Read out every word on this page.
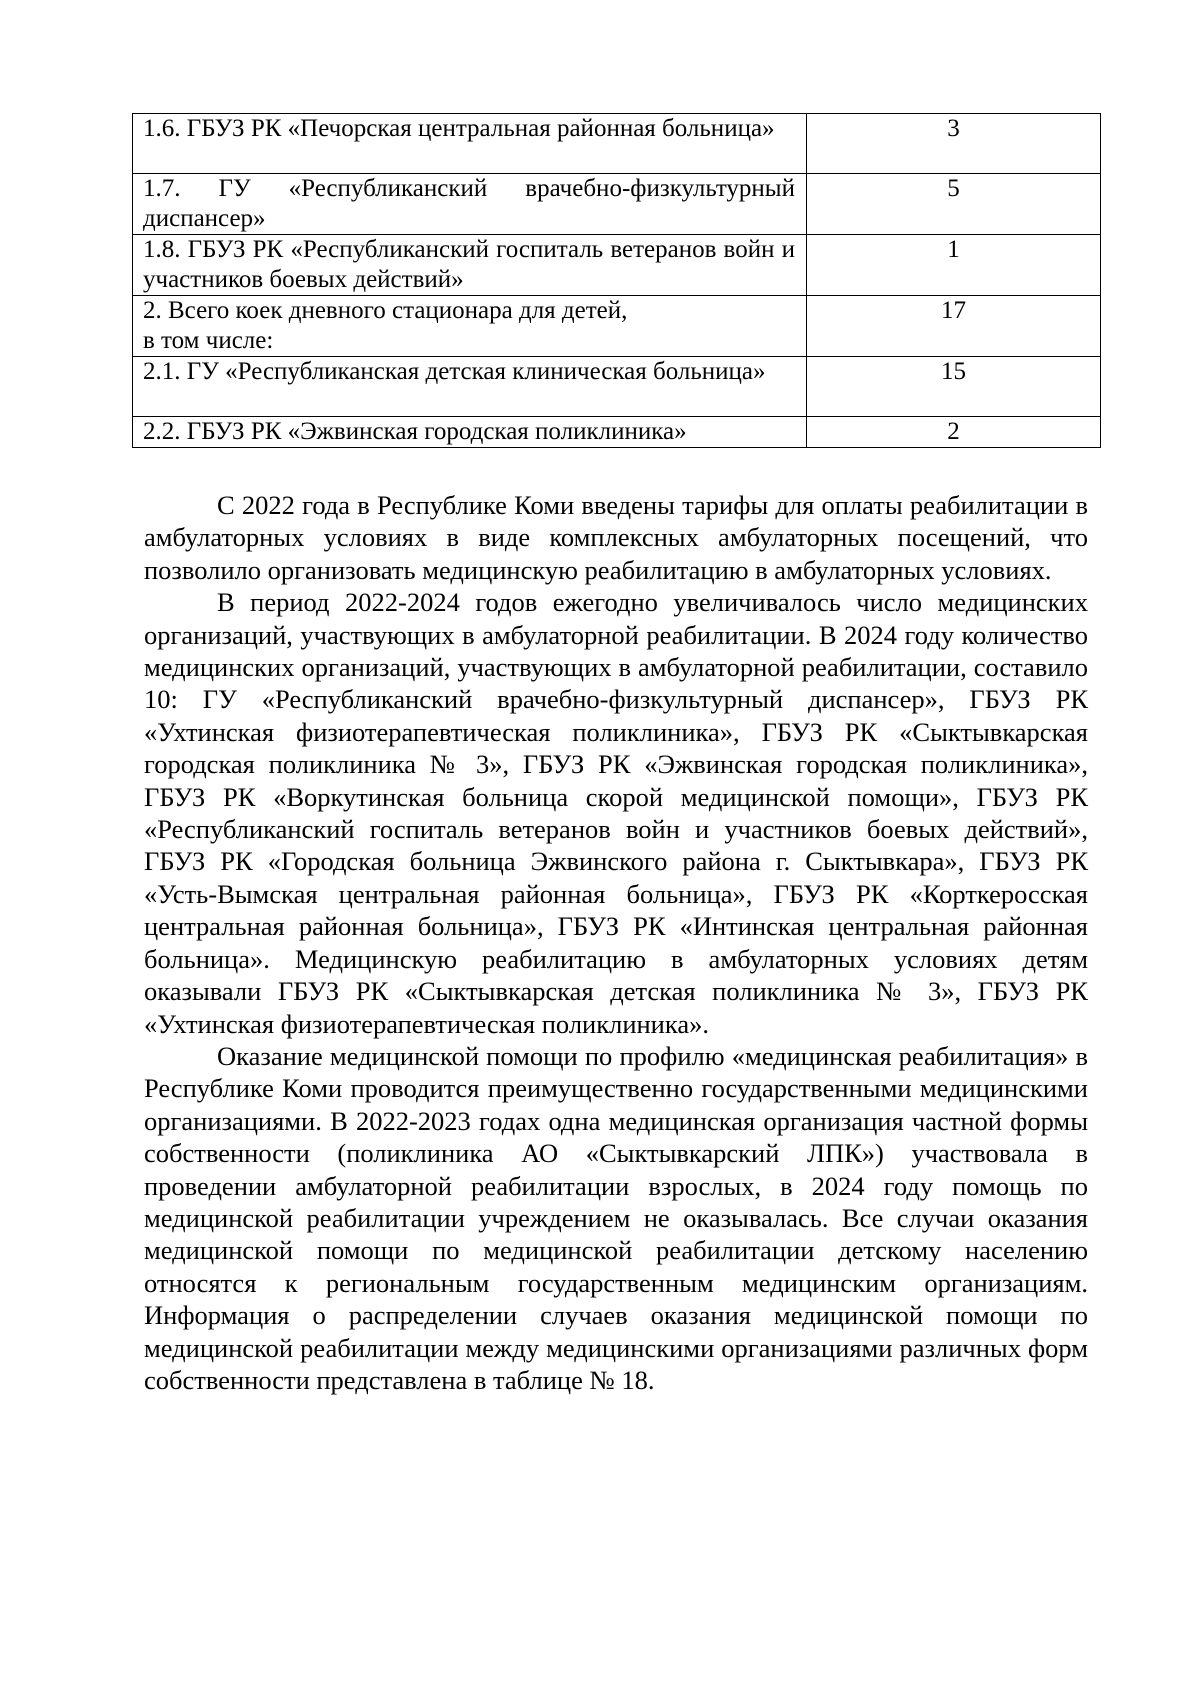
1.6. ГБУЗ РК «Печорская центральная районная больница»	3
1.7. ГУ «Республиканский врачебно-физкультурный диспансер»	5
1.8. ГБУЗ РК «Республиканский госпиталь ветеранов войн и участников боевых действий»	1

2. Всего коек дневного стационара для детей,
в том числе:	17
2.1. ГУ «Республиканская детская клиническая больница»	15
2.2. ГБУЗ РК «Эжвинская городская поликлиника»	2

С 2022 года в Республике Коми введены тарифы для оплаты реабилитации в амбулаторных условиях в виде комплексных амбулаторных посещений, что позволило организовать медицинскую реабилитацию в амбулаторных условиях.

В период 2022-2024 годов ежегодно увеличивалось число медицинских организаций, участвующих в амбулаторной реабилитации. В 2024 году количество медицинских организаций, участвующих в амбулаторной реабилитации, составило 10: ГУ «Республиканский врачебно-физкультурный диспансер», ГБУЗ РК «Ухтинская физиотерапевтическая поликлиника», ГБУЗ РК «Сыктывкарская городская поликлиника № 3», ГБУЗ РК «Эжвинская городская поликлиника», ГБУЗ РК «Воркутинская больница скорой медицинской помощи», ГБУЗ РК «Республиканский госпиталь ветеранов войн и участников боевых действий», ГБУЗ РК «Городская больница Эжвинского района г. Сыктывкара», ГБУЗ РК «Усть-Вымская центральная районная больница», ГБУЗ РК «Корткеросская центральная районная больница», ГБУЗ РК «Интинская центральная районная больница». Медицинскую реабилитацию в амбулаторных условиях детям оказывали ГБУЗ РК «Сыктывкарская детская поликлиника № 3», ГБУЗ РК «Ухтинская физиотерапевтическая поликлиника».

Оказание медицинской помощи по профилю «медицинская реабилитация» в Республике Коми проводится преимущественно государственными медицинскими организациями. В 2022-2023 годах одна медицинская организация частной формы собственности (поликлиника АО «Сыктывкарский ЛПК») участвовала в проведении амбулаторной реабилитации взрослых, в 2024 году помощь по медицинской реабилитации учреждением не оказывалась. Все случаи оказания медицинской помощи по медицинской реабилитации детскому населению относятся к региональным государственным медицинским организациям. Информация о распределении случаев оказания медицинской помощи по медицинской реабилитации между медицинскими организациями различных форм собственности представлена в таблице № 18.
